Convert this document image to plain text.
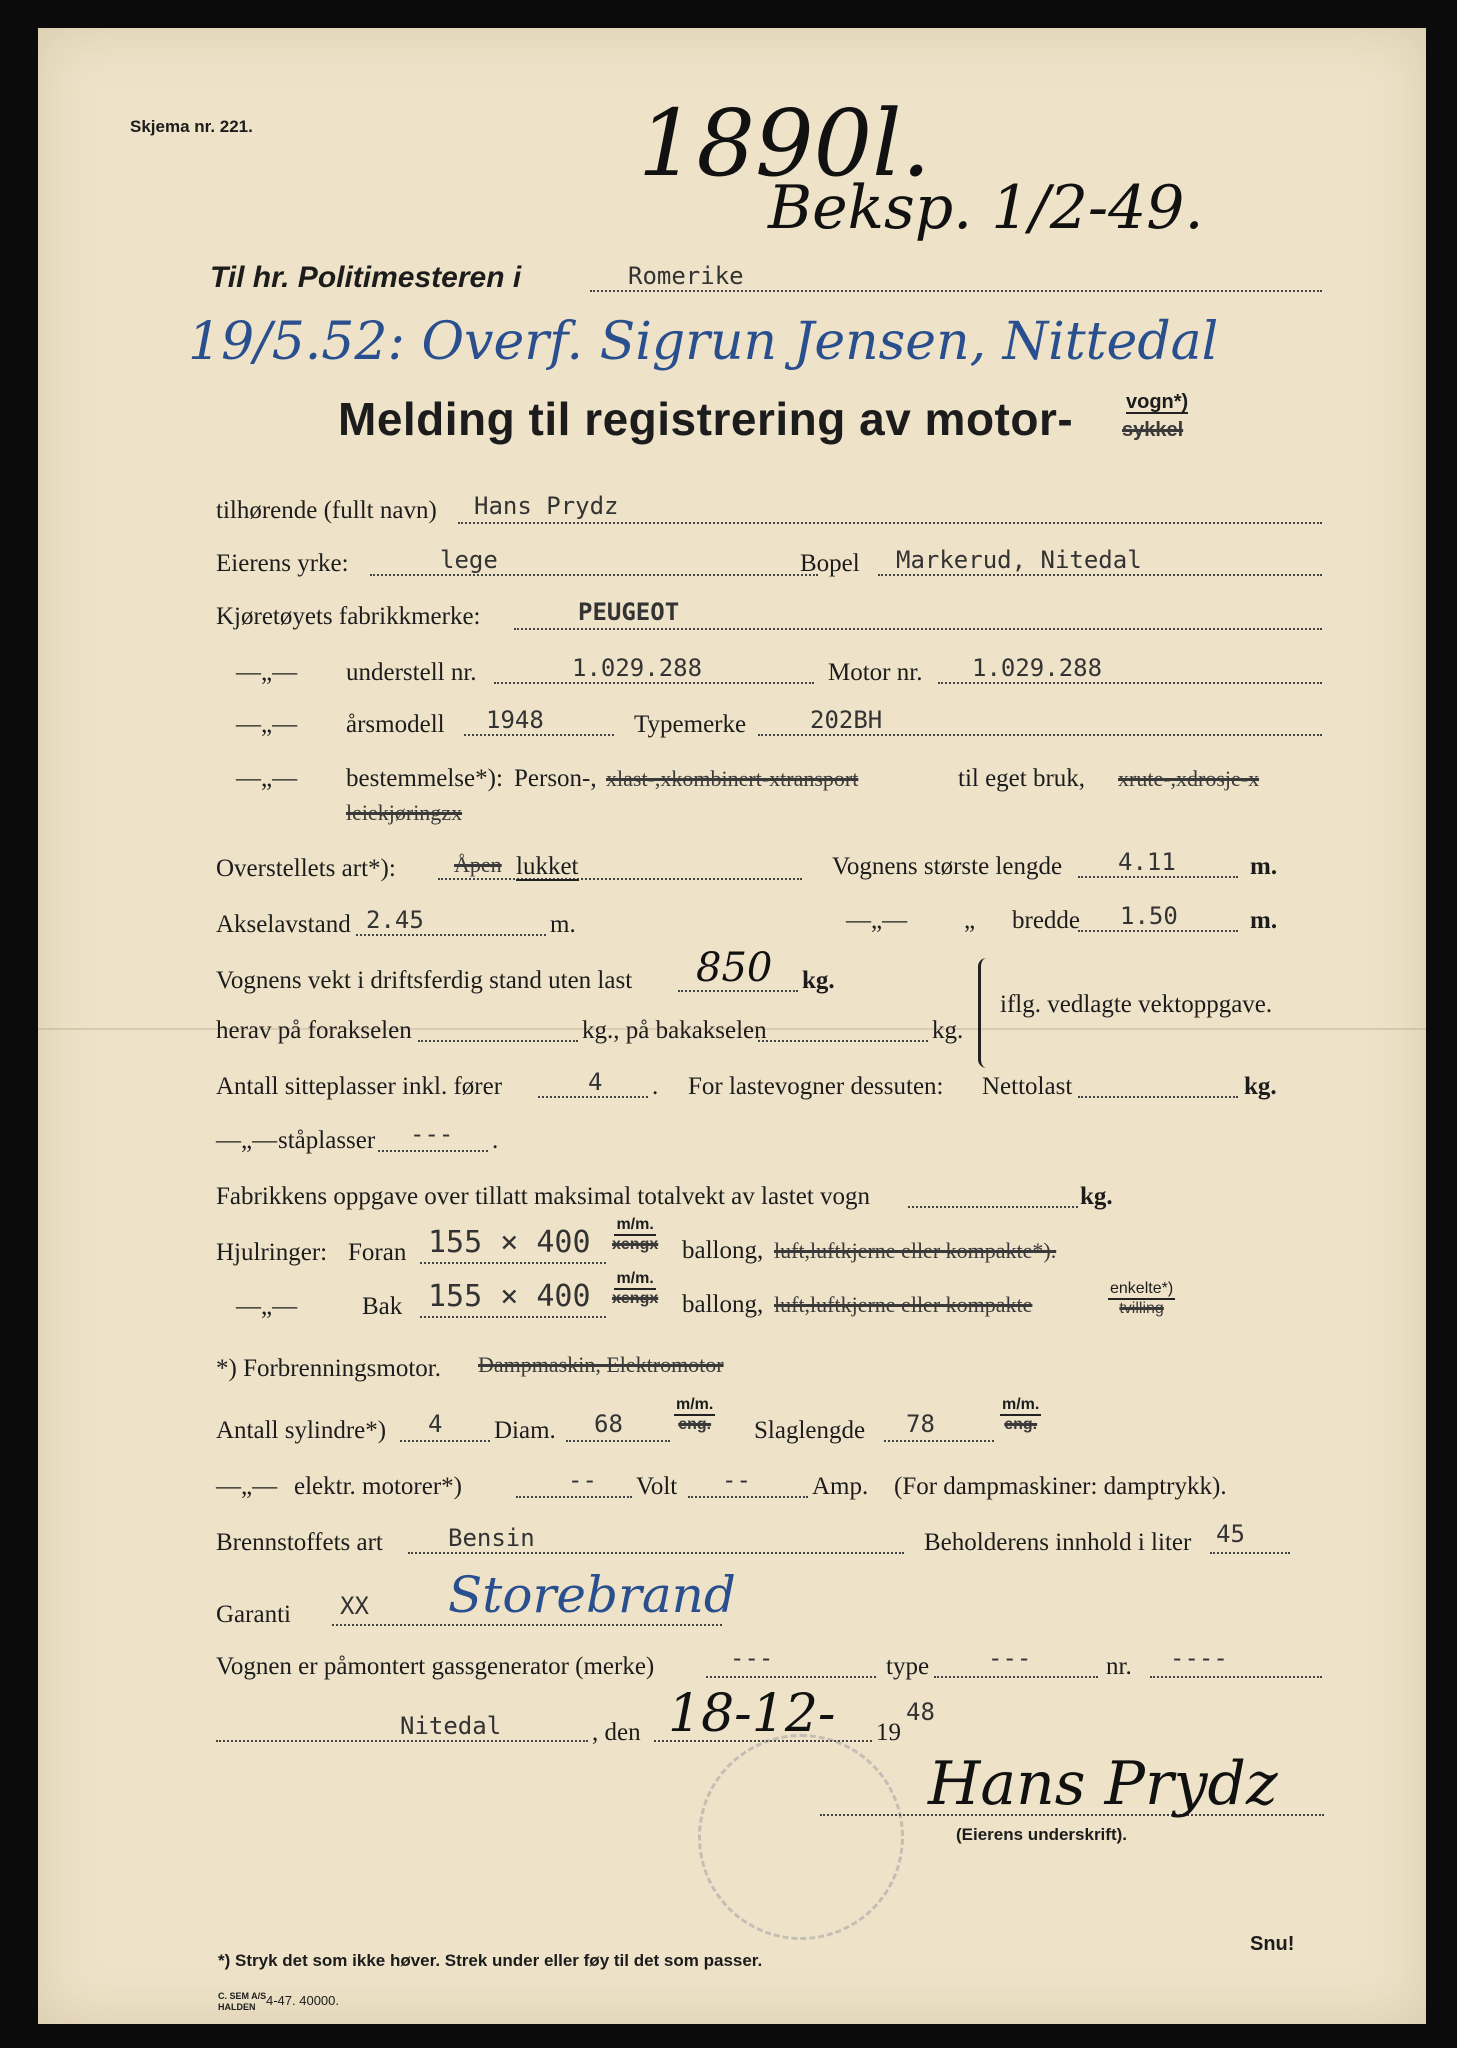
Skjema nr. 221.	1890l.
Beksp. 1/2-49.
Til hr. Politimesteren i	Romerike
19/5.52: Overf. Sigrun Jensen, Nittedal
Melding til registrering av motor-	vogn*)
sykkel
tilhørende (fullt navn) Hans Prydz
Eierens yrke:	lege	Bopel Markerud, Nitedal
Kjøretøyets fabrikkmerke:	PEUGEOT
—„— understell nr.	1.029.288	Motor nr. 1.029.288
—„— årsmodell 1948	Typemerke	202BH
—„— bestemmelse*): Person-, xlast-,xkombinert-xtransport	til eget bruk, xrute-,xdrosje-x
leiekjøringzx
Overstellets art*):	Åpen lukket	Vognens største lengde 4.11	m.
Akselavstand 2.45	m.	—„— „ bredde 1.50	m.
Vognens vekt i driftsferdig stand uten last 850 kg.
herav på forakselen	kg., på bakakselen	kg.
iflg. vedlagte vektoppgave.
Antall sitteplasser inkl. fører	4 . For lastevogner dessuten: Nettolast	kg.
—„— ståplasser --- .
Fabrikkens oppgave over tillatt maksimal totalvekt av lastet vogn	kg.
Hjulringer: Foran 155 × 400
m/m.
xengx ballong, luft,luftkjerne eller kompakte*).
—„—	Bak 155 × 400
m/m.
xengx ballong, luft,luftkjerne eller kompakte
enkelte*)
tvilling
*) Forbrenningsmotor. Dampmaskin, Elektromotor
Antall sylindre*) 4 Diam. 68
m/m.
eng. Slaglengde 78
m/m.
eng.
—„— elektr. motorer*)	-- Volt -- Amp. (For dampmaskiner: damptrykk).
Brennstoffets art	Bensin	Beholderens innhold i liter 45
Garanti XX Storebrand
Vognen er påmontert gassgenerator (merke)	---	type ---	nr. ----
Nitedal	, den 18-12- 19
48
Hans Prydz
(Eierens underskrift).
*) Stryk det som ikke høver. Strek under eller føy til det som passer.
Snu!
C. SEM A/S
HALDEN 4-47. 40000.
